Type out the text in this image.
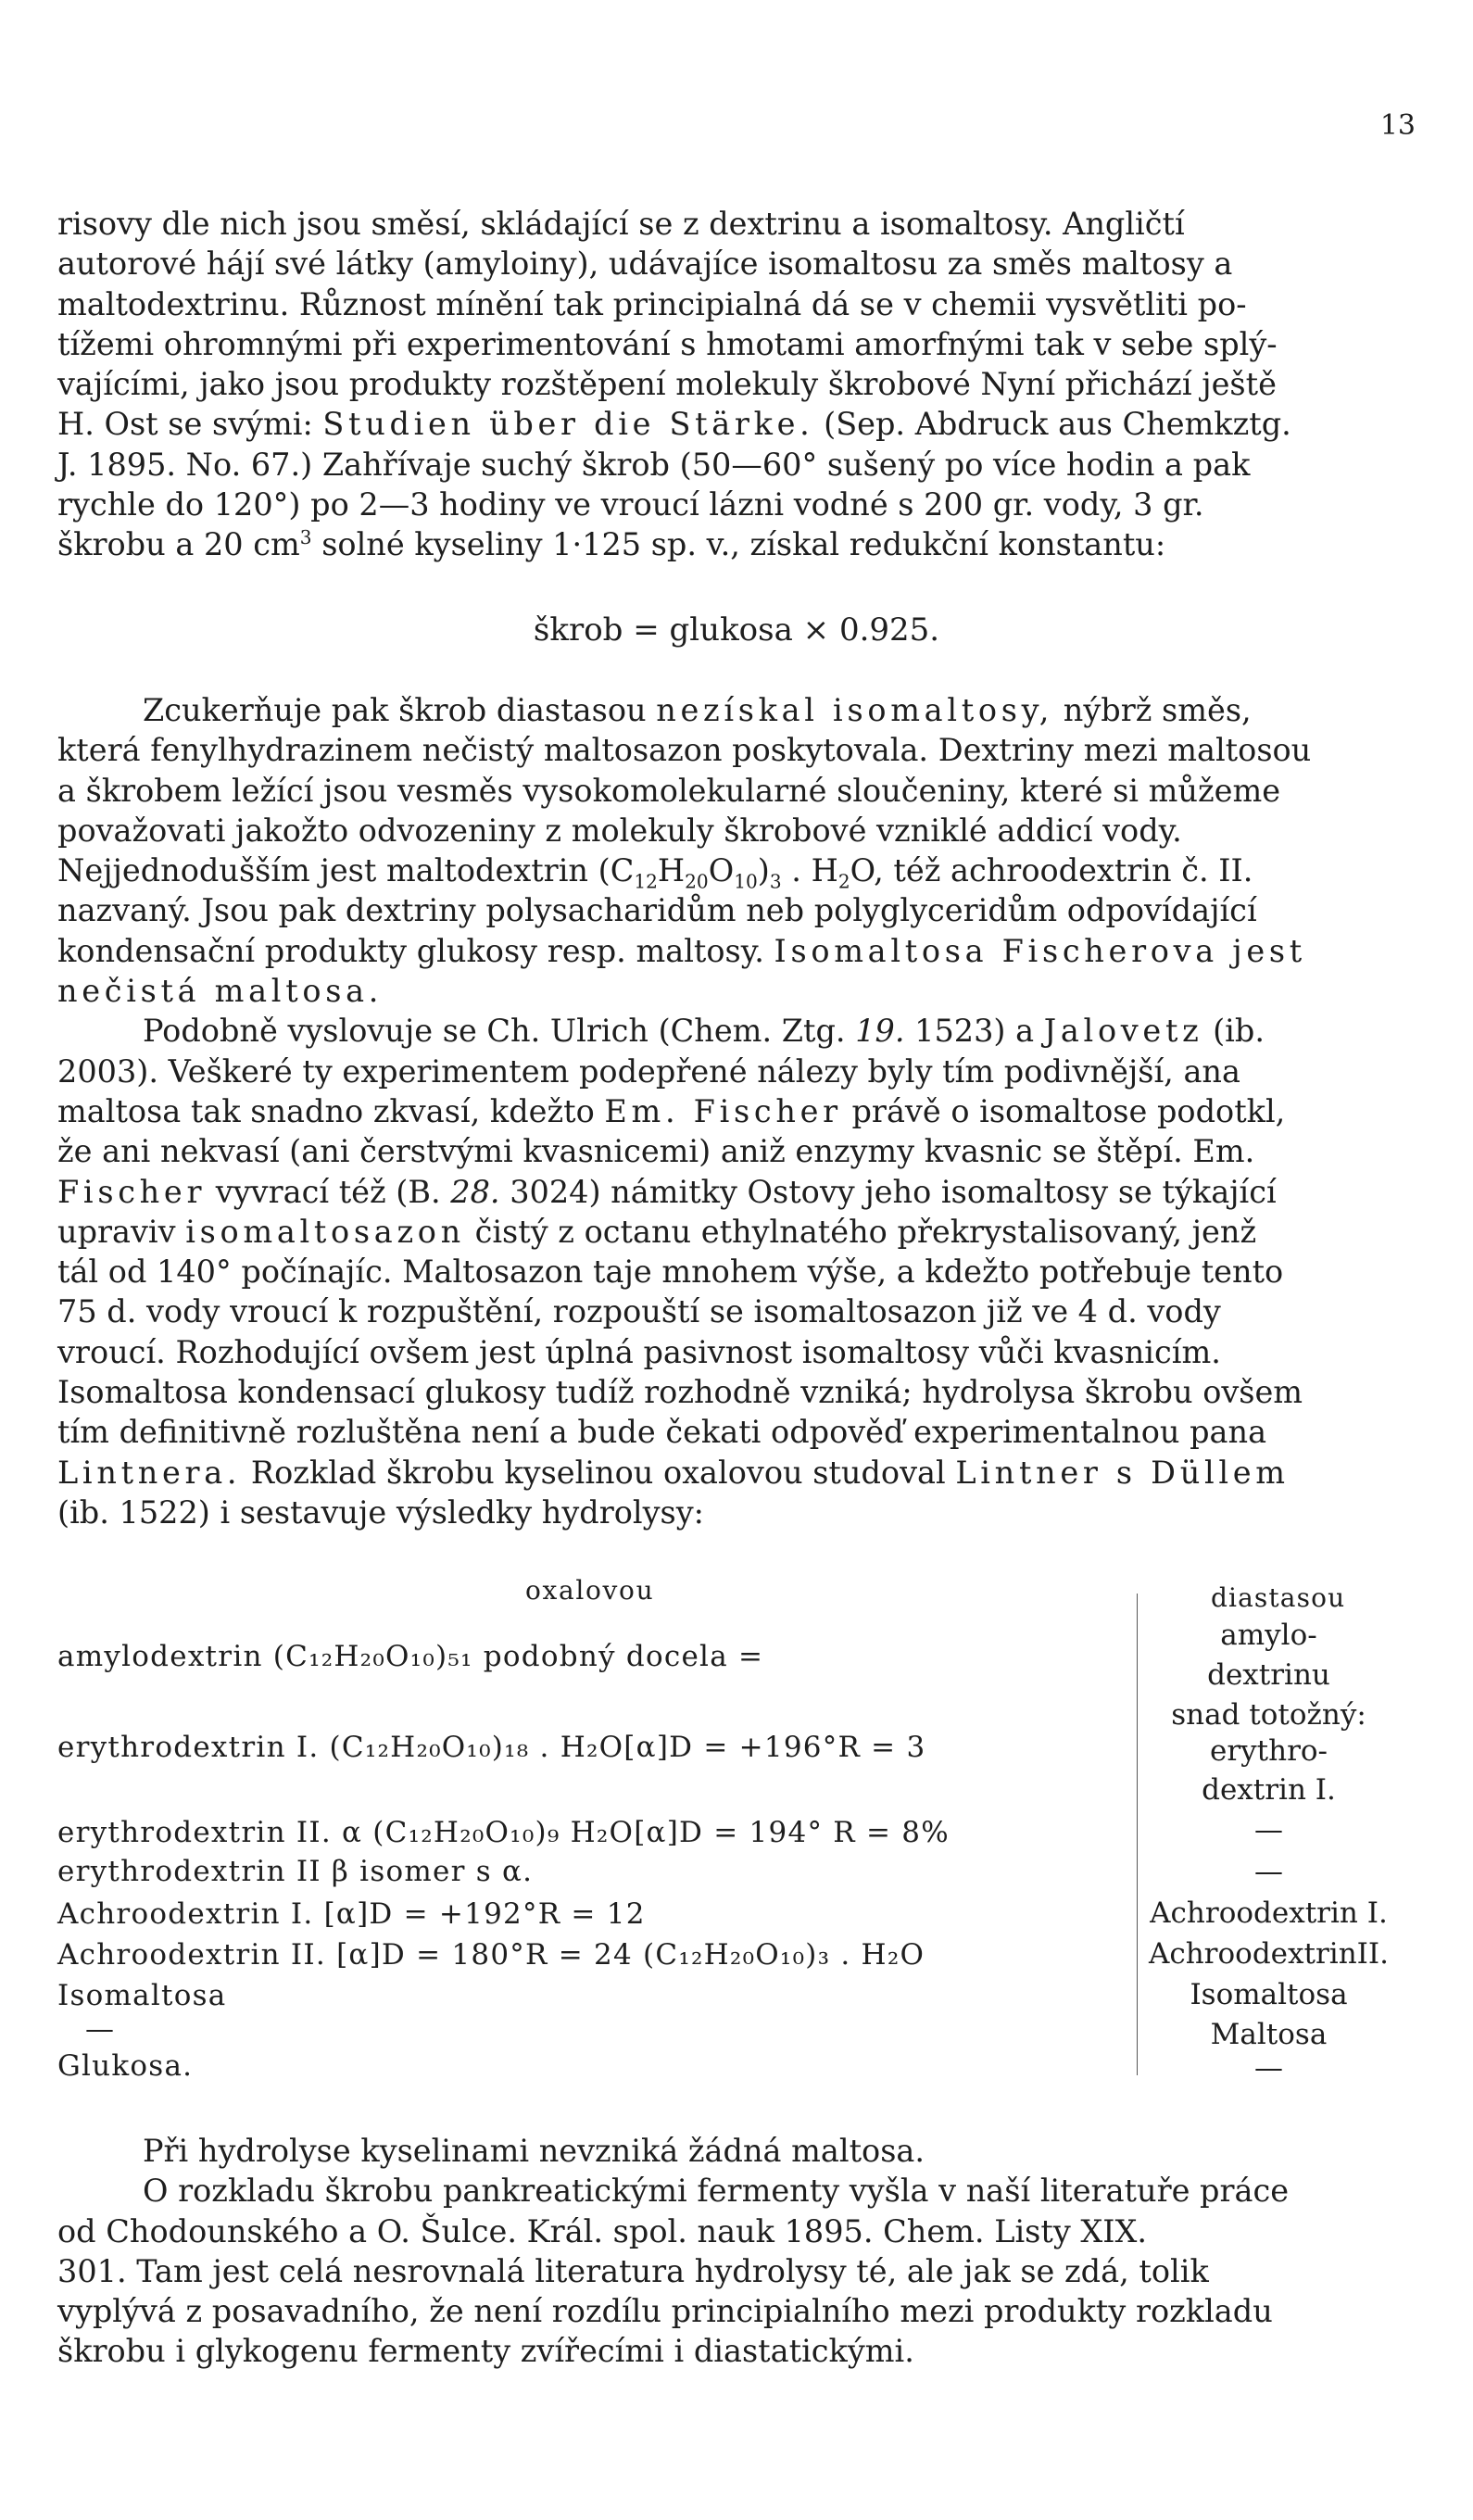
13

risovy dle nich jsou směsí, skládající se z dextrinu a isomaltosy. Angličtí

autorové hájí své látky (amyloiny), udávajíce isomaltosu za směs maltosy a

maltodextrinu. Různost mínění tak principialná dá se v chemii vysvětliti po-

tížemi ohromnými při experimentování s hmotami amorfnými tak v sebe splý-

vajícími, jako jsou produkty rozštěpení molekuly škrobové Nyní přichází ještě

H. Ost se svými: Studien über die Stärke. (Sep. Abdruck aus Chemkztg.

J. 1895. No. 67.) Zahřívaje suchý škrob (50—60° sušený po více hodin a pak

rychle do 120°) po 2—3 hodiny ve vroucí lázni vodné s 200 gr. vody, 3 gr.

škrobu a 20 $cm^3$ solné kyseliny 1·125 sp. v., získal redukční konstantu:

škrob = glukosa × 0.925.

Zcukerňuje pak škrob diastasou nezískal isomaltosy, nýbrž směs,

která fenylhydrazinem nečistý maltosazon poskytovala. Dextriny mezi maltosou

a škrobem ležící jsou vesměs vysokomolekularné sloučeniny, které si můžeme

považovati jakožto odvozeniny z molekuly škrobové vzniklé addicí vody.

Nejjednodušším jest maltodextrin $(C_{12}H_{20}O_{10})_3$ . $H_2O$, též achroodextrin č. II.

nazvaný. Jsou pak dextriny polysacharidům neb polyglyceridům odpovídající

kondensační produkty glukosy resp. maltosy. Isomaltosa Fischerova jest

nečistá maltosa.

Podobně vyslovuje se Ch. Ulrich (Chem. Ztg. 19. 1523) a Jalovetz (ib.

2003). Veškeré ty experimentem podepřené nálezy byly tím podivnější, ana

maltosa tak snadno zkvasí, kdežto Em. Fischer právě o isomaltose podotkl,

že ani nekvasí (ani čerstvými kvasnicemi) aniž enzymy kvasnic se štěpí. Em.

Fischer vyvrací též (B. 28. 3024) námitky Ostovy jeho isomaltosy se týkající

upraviv isomaltosazon čistý z octanu ethylnatého překrystalisovaný, jenž

tál od 140° počínajíc. Maltosazon taje mnohem výše, a kdežto potřebuje tento

75 d. vody vroucí k rozpuštění, rozpouští se isomaltosazon již ve 4 d. vody

vroucí. Rozhodující ovšem jest úplná pasivnost isomaltosy vůči kvasnicím.

Isomaltosa kondensací glukosy tudíž rozhodně vzniká; hydrolysa škrobu ovšem

tím definitivně rozluštěna není a bude čekati odpověď experimentalnou pana

Lintnera. Rozklad škrobu kyselinou oxalovou studoval Lintner s Düllem

(ib. 1522) i sestavuje výsledky hydrolysy:

oxalovou	diastasou
amylodextrin (C₁₂H₂₀O₁₀)₅₁ podobný docela =
erythrodextrin I. (C₁₂H₂₀O₁₀)₁₈ . H₂O[α]D = +196°R = 3
erythrodextrin II. α (C₁₂H₂₀O₁₀)₉ H₂O[α]D = 194° R = 8%
erythrodextrin II β isomer s α.
Achroodextrin I. [α]D = +192°R = 12
Achroodextrin II. [α]D = 180°R = 24 (C₁₂H₂₀O₁₀)₃ . H₂O
Isomaltosa
—
Glukosa.
amylo-
dextrinu
snad totožný:
erythro-
dextrin I.
—
—
Achroodextrin I.
AchroodextrinII.
Isomaltosa
Maltosa
—

Při hydrolyse kyselinami nevzniká žádná maltosa.

O rozkladu škrobu pankreatickými fermenty vyšla v naší literatuře práce

od Chodounského a O. Šulce. Král. spol. nauk 1895. Chem. Listy XIX.

301. Tam jest celá nesrovnalá literatura hydrolysy té, ale jak se zdá, tolik

vyplývá z posavadního, že není rozdílu principialního mezi produkty rozkladu

škrobu i glykogenu fermenty zvířecími i diastatickými.
